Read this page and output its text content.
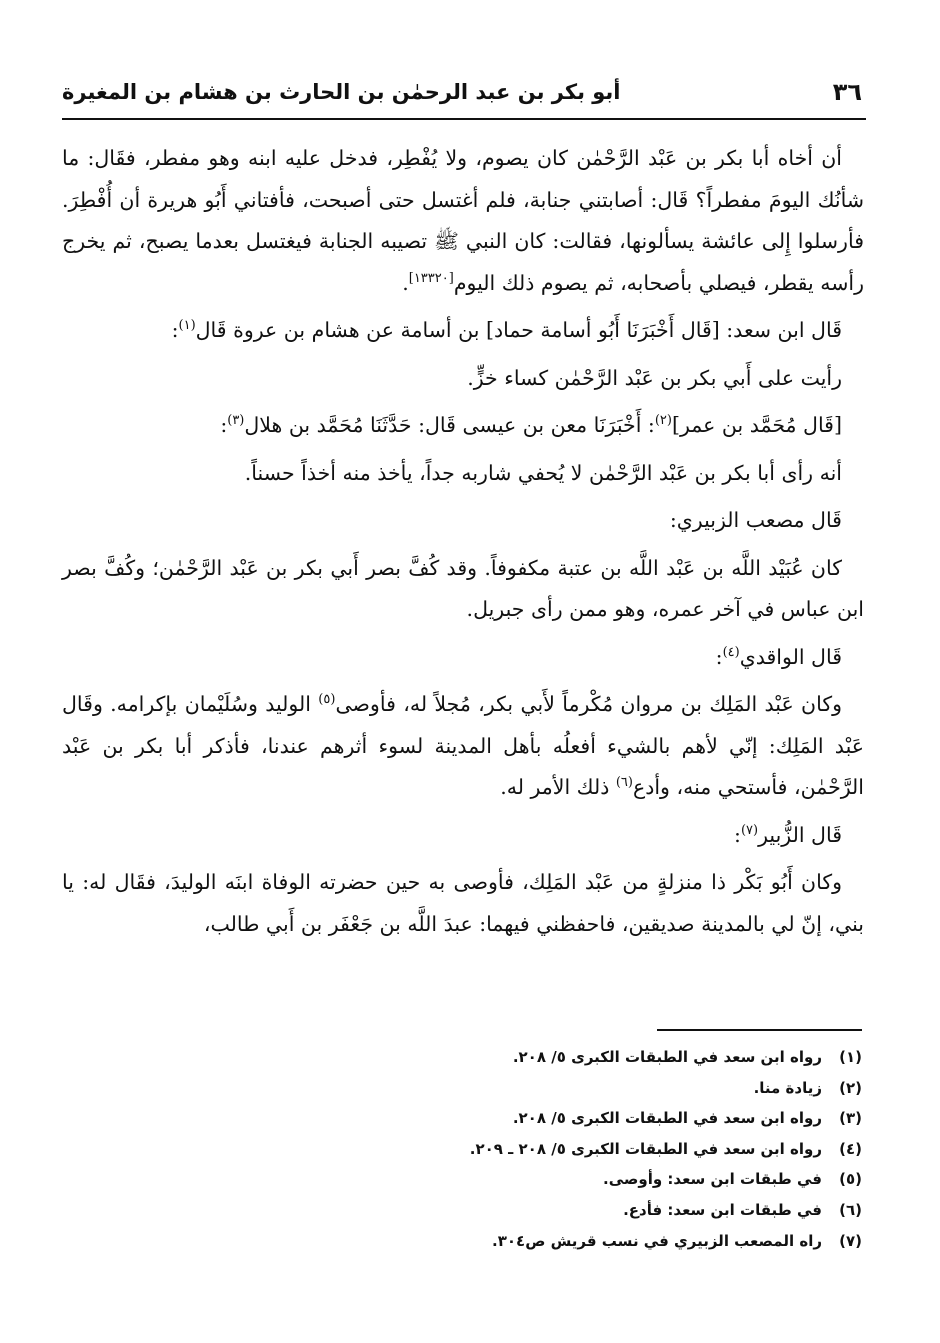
٣٦
أبو بكر بن عبد الرحمٰن بن الحارث بن هشام بن المغيرة

أن أخاه أبا بكر بن عَبْد الرَّحْمٰن كان يصوم، ولا يُفْطِر، فدخل عليه ابنه وهو مفطر، فقَال: ما شأنُك اليومَ مفطراً؟ قَال: أصابتني جنابة، فلم أغتسل حتى أصبحت، فأفتاني أَبُو هريرة أن أُفْطِرَ. فأرسلوا إِلى عائشة يسألونها، فقالت: كان النبي ﷺ تصيبه الجنابة فيغتسل بعدما يصبح، ثم يخرج رأسه يقطر، فيصلي بأصحابه، ثم يصوم ذلك اليوم[١٣٣٢٠].

قَال ابن سعد: [قَال أَخْبَرَنَا أَبُو أسامة حماد] بن أسامة عن هشام بن عروة قَال$^{(١)}$:

رأيت على أَبي بكر بن عَبْد الرَّحْمٰن كساء خزٍّ.

[قَال مُحَمَّد بن عمر]$^{(٢)}$: أَخْبَرَنَا معن بن عيسى قَال: حَدَّثَنَا مُحَمَّد بن هلال$^{(٣)}$:

أنه رأى أبا بكر بن عَبْد الرَّحْمٰن لا يُحفي شاربه جداً، يأخذ منه أخذاً حسناً.

قَال مصعب الزبيري:

كان عُبَيْد اللَّه بن عَبْد اللَّه بن عتبة مكفوفاً. وقد كُفَّ بصر أَبي بكر بن عَبْد الرَّحْمٰن؛ وكُفَّ بصر ابن عباس في آخر عمره، وهو ممن رأى جبريل.

قَال الواقدي$^{(٤)}$:

وكان عَبْد المَلِك بن مروان مُكْرماً لأَبي بكر، مُجلاً له، فأوصى$^{(٥)}$ الوليد وسُلَيْمان بإكرامه. وقَال عَبْد المَلِك: إنّي لأهم بالشيء أفعلُه بأهل المدينة لسوء أثرهم عندنا، فأذكر أبا بكر بن عَبْد الرَّحْمٰن، فأستحي منه، وأدع$^{(٦)}$ ذلك الأمر له.

قَال الزُّبير$^{(٧)}$:

وكان أَبُو بَكْر ذا منزلةٍ من عَبْد المَلِك، فأوصى به حين حضرته الوفاة ابنَه الوليدَ، فقَال له: يا بني، إنّ لي بالمدينة صديقين، فاحفظني فيهما: عبدَ اللَّه بن جَعْفَر بن أَبي طالب،

(١)
رواه ابن سعد في الطبقات الكبرى ٥/ ٢٠٨.
(٢)
زيادة منا.
(٣)
رواه ابن سعد في الطبقات الكبرى ٥/ ٢٠٨.
(٤)
رواه ابن سعد في الطبقات الكبرى ٥/ ٢٠٨ ـ ٢٠٩.
(٥)
في طبقات ابن سعد: وأوصى.
(٦)
في طبقات ابن سعد: فأدع.
(٧)
راه المصعب الزبيري في نسب قريش ص٣٠٤.
